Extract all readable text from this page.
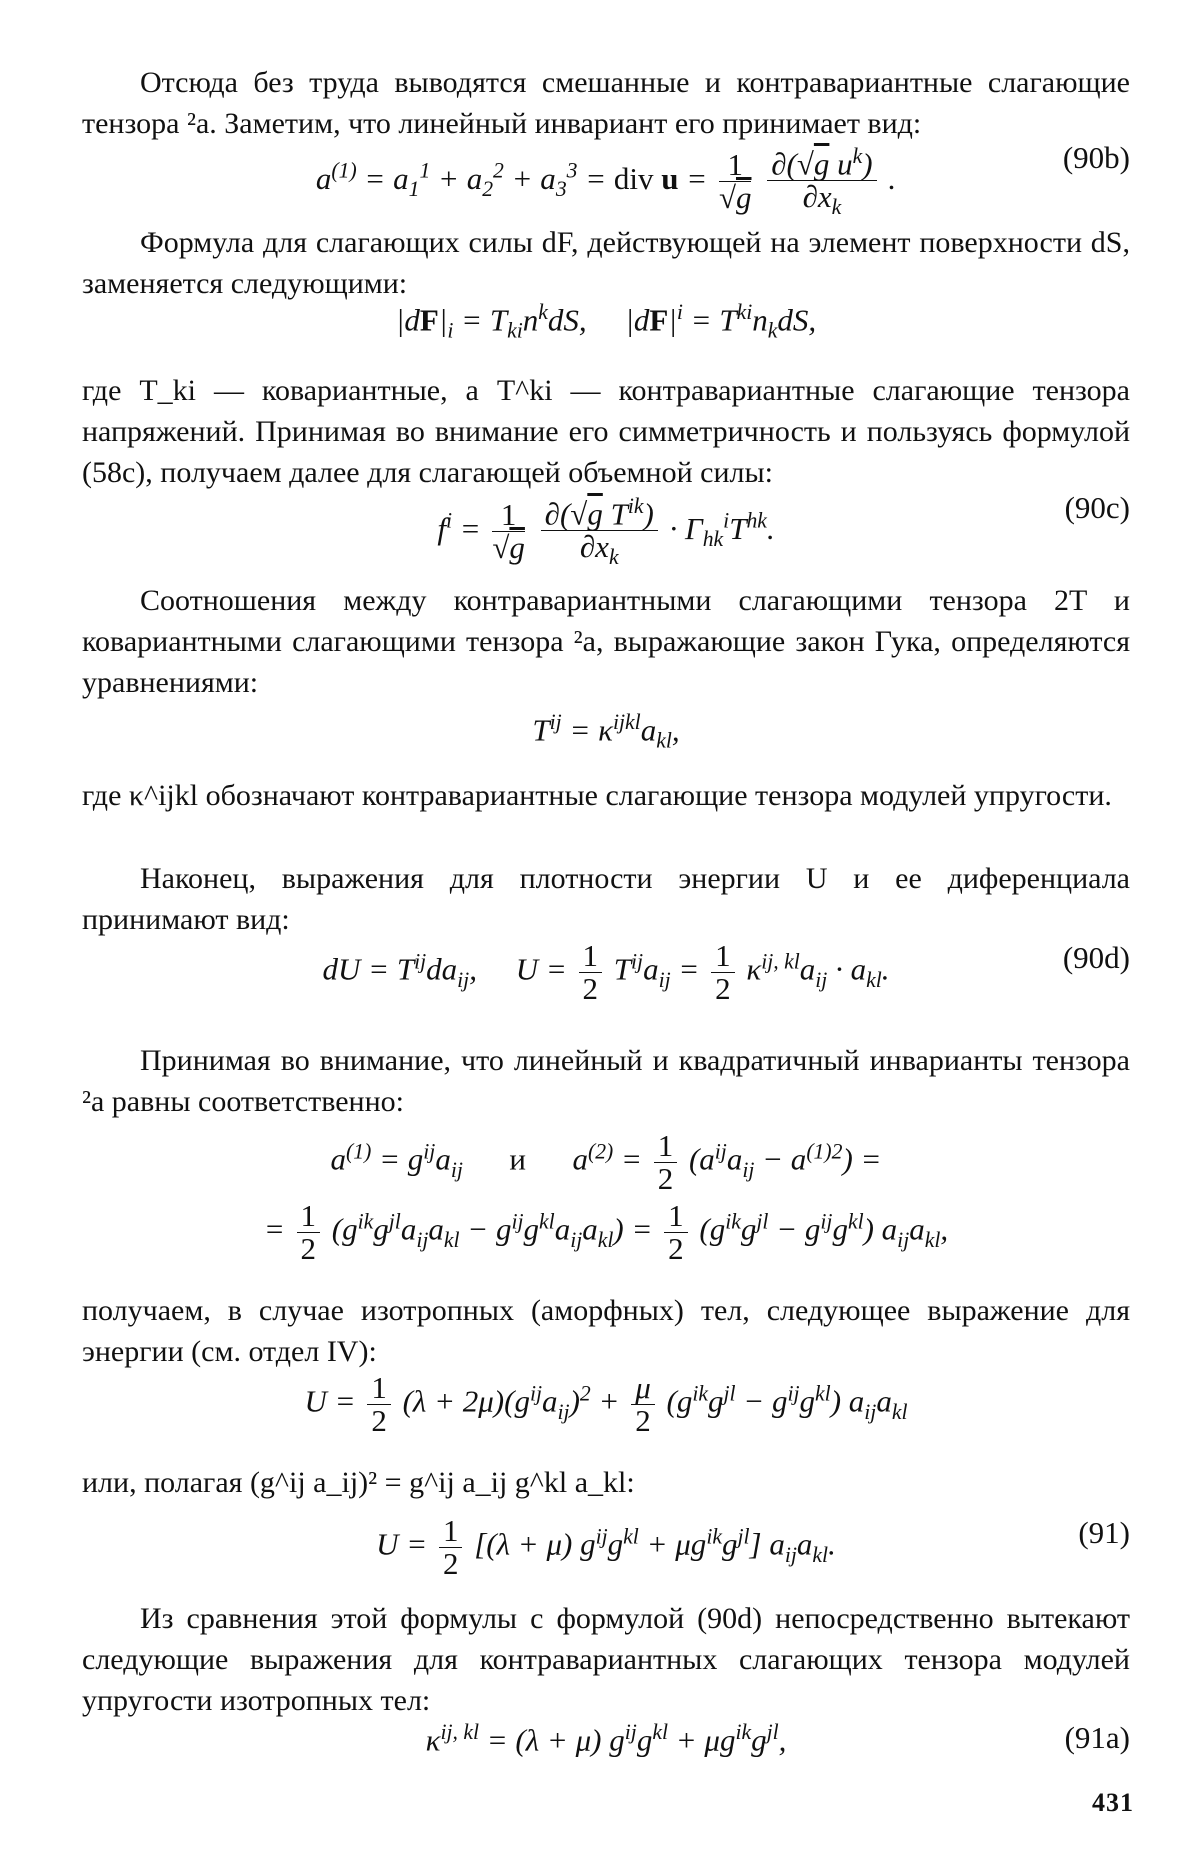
Отсюда без труда выводятся смешанные и контравариантные слагающие тензора ²a. Заметим, что линейный инвариант его принимает вид:
$a^{(1)} = a_1^1 + a_2^2 + a_3^3$ = div $u = \frac{1}{√g}$
$\frac{\partial(√g u^k)}{\partial x_k}$ .
(90b)
Формула для слагающих силы dF, действующей на элемент поверхности dS, заменяется следующими:
$|dF|_i = T_{ki}n^kdS$,     $|dF|^i = T^{ki}n_kdS$,
где T_ki — ковариантные, а T^ki — контравариантные слагающие тензора напряжений. Принимая во внимание его симметричность и пользуясь формулой (58c), получаем далее для слагающей объемной силы:
$f^i = \frac{1}{√g}$
$\frac{\partial(√g T^{ik})}{\partial x_k} \cdot \Gamma_{hk}^iT^{hk}$.
(90c)
Соотношения между контравариантными слагающими тензора 2T и ковариантными слагающими тензора ²a, выражающие закон Гука, определяются уравнениями:
$T^{ij} = \kappa^{ijkl}a_{kl}$,
где κ^ijkl обозначают контравариантные слагающие тензора модулей упругости.
Наконец, выражения для плотности энергии U и ее диференциала принимают вид:
dU = $T^{ij}da_{ij}$,     $U = \frac{1}{2} T^{ij}a_{ij} = \frac{1}{2} \kappa^{ij, kl}a_{ij} \cdot a_{kl}$.	(90d)
Принимая во внимание, что линейный и квадратичный инварианты тензора ²a равны соответственно:
$a^{(1)} = g^{ij}a_{ij}$ и      $a^{(2)} = \frac{1}{2} (a^{ij}a_{ij} - a^{(1)2})$ =
= $\frac{1}{2} (g^{ik}g^{jl}a_{ij}a_{kl} - g^{ij}g^{kl}a_{ij}a_{kl}) = \frac{1}{2} (g^{ik}g^{jl} - g^{ij}g^{kl})$ $a_{ij}a_{kl}$,
получаем, в случае изотропных (аморфных) тел, следующее выражение для энергии (см. отдел IV):
$U = \frac{1}{2} (\lambda + 2\mu)(g^{ij}a_{ij})^2 + \frac{\mu}{2} (g^{ik}g^{jl} - g^{ij}g^{kl})$ $a_{ij}a_{kl}$
или, полагая (g^ij a_ij)² = g^ij a_ij g^kl a_kl:
$U = \frac{1}{2} [(\lambda + \mu) g^{ij}g^{kl} + \mu g^{ik}g^{jl}]$ $a_{ij}a_{kl}$.	(91)
Из сравнения этой формулы с формулой (90d) непосредственно вытекают следующие выражения для контравариантных слагающих тензора модулей упругости изотропных тел:
$\kappa^{ij, kl} = (\lambda + \mu) g^{ij}g^{kl} + \mu g^{ik}g^{jl}$,	(91a)
431
